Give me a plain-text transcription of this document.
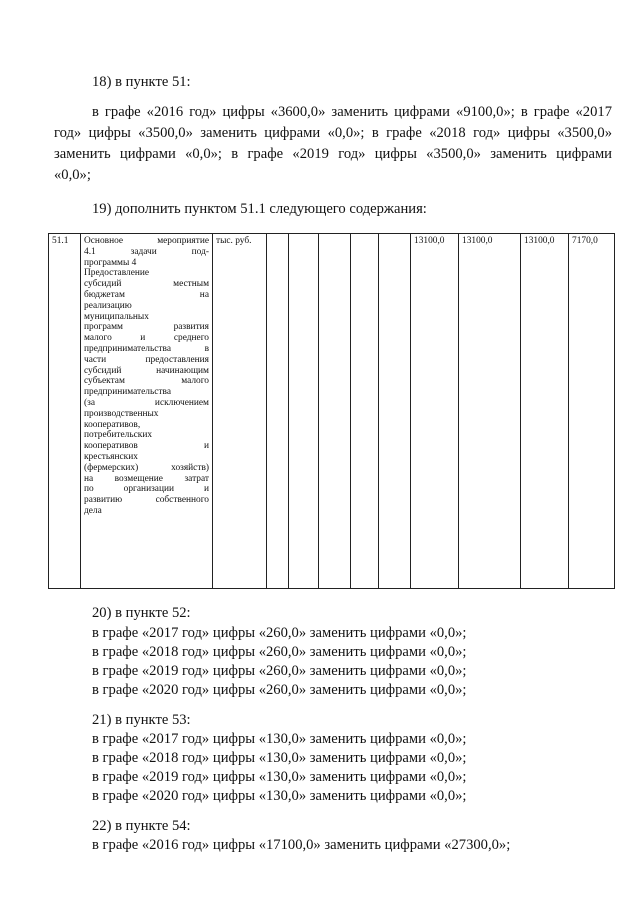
18) в пункте 51:
в графе «2016 год» цифры «3600,0» заменить цифрами «9100,0»; в графе «2017
год» цифры «3500,0» заменить цифрами «0,0»; в графе «2018 год» цифры «3500,0»
заменить цифрами «0,0»; в графе «2019 год» цифры «3500,0» заменить цифрами
«0,0»;
19) дополнить пунктом 51.1 следующего содержания:
51.1	Основное мероприятие
4.1 задачи под-
программы 4
Предоставление
субсидий местным
бюджетам на
реализацию
муниципальных
программ развития
малого и среднего
предпринимательства в
части предоставления
субсидий начинающим
субъектам малого
предпринимательства
(за исключением
производственных
кооперативов,
потребительских
кооперативов и
крестьянских
(фермерских) хозяйств)
на возмещение затрат
по организации и
развитию собственного
дела
	тыс. руб.						13100,0	13100,0	13100,0	7170,0
20) в пункте 52:
в графе «2017 год» цифры «260,0» заменить цифрами «0,0»;
в графе «2018 год» цифры «260,0» заменить цифрами «0,0»;
в графе «2019 год» цифры «260,0» заменить цифрами «0,0»;
в графе «2020 год» цифры «260,0» заменить цифрами «0,0»;
21) в пункте 53:
в графе «2017 год» цифры «130,0» заменить цифрами «0,0»;
в графе «2018 год» цифры «130,0» заменить цифрами «0,0»;
в графе «2019 год» цифры «130,0» заменить цифрами «0,0»;
в графе «2020 год» цифры «130,0» заменить цифрами «0,0»;
22) в пункте 54:
в графе «2016 год» цифры «17100,0» заменить цифрами «27300,0»;
